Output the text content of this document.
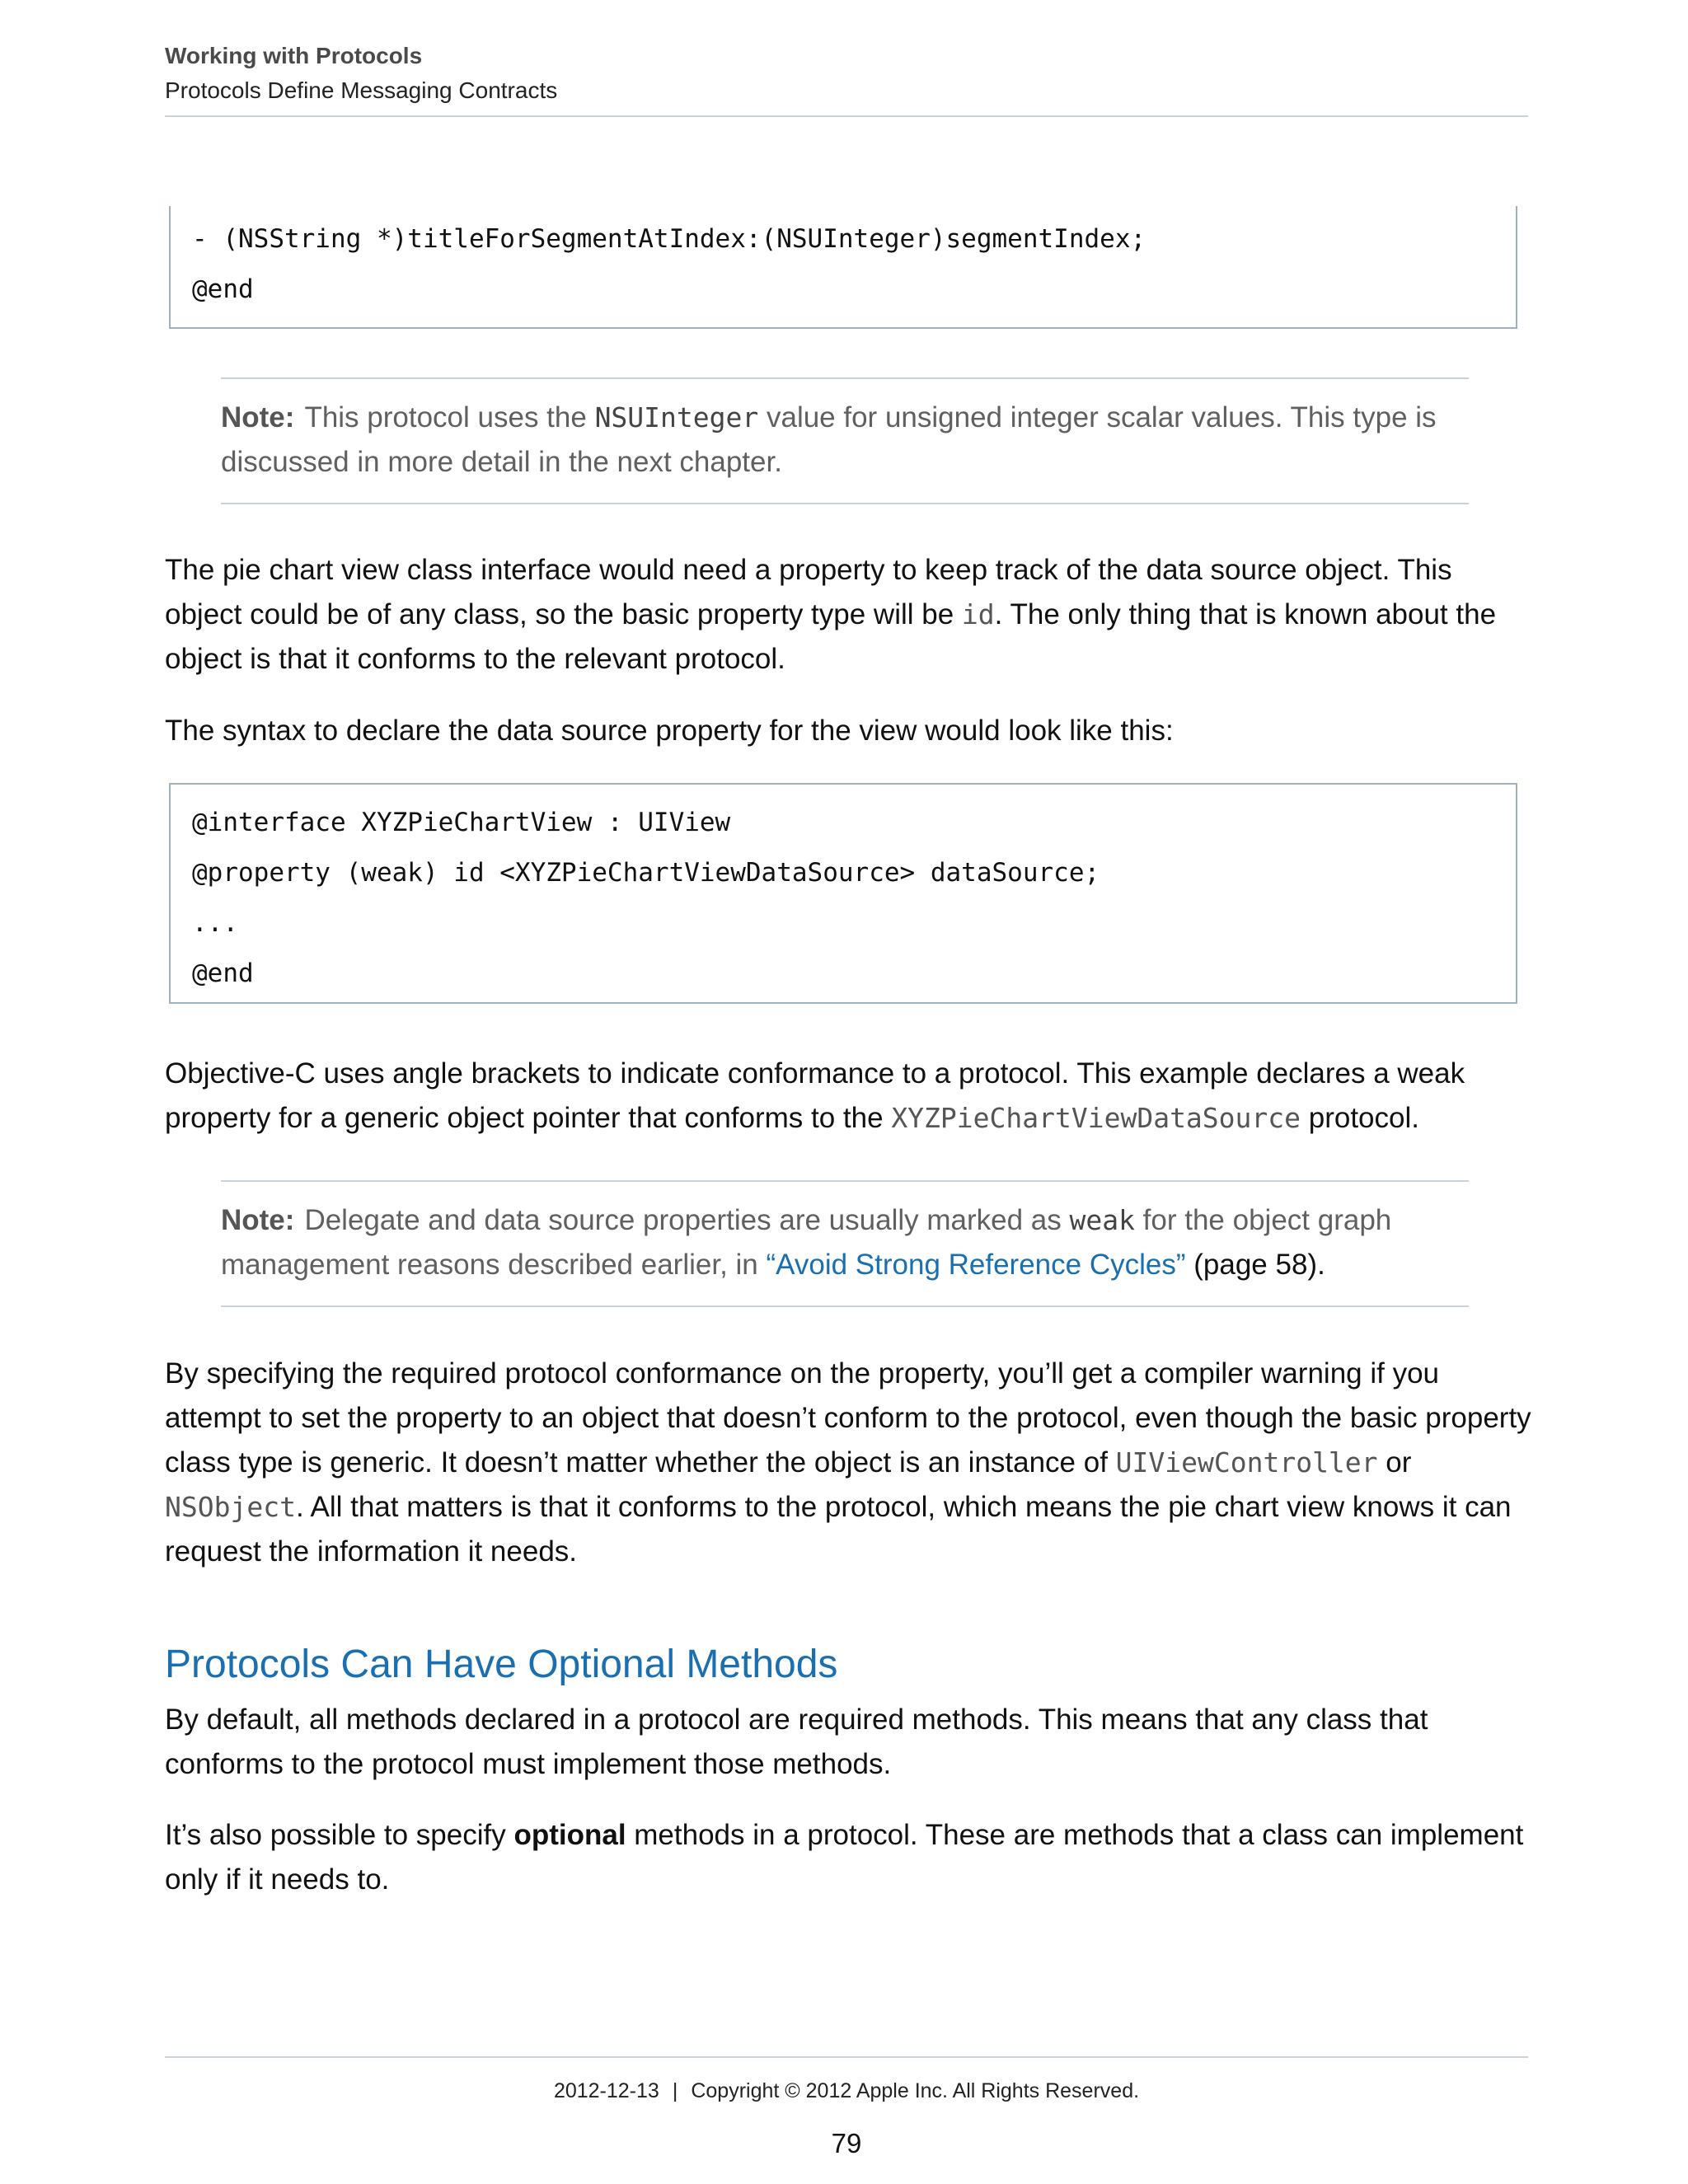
Working with Protocols
Protocols Define Messaging Contracts
- (NSString *)titleForSegmentAtIndex:(NSUInteger)segmentIndex;
@end
Note: This protocol uses the NSUInteger value for unsigned integer scalar values. This type is discussed in more detail in the next chapter.

The pie chart view class interface would need a property to keep track of the data source object. This object could be of any class, so the basic property type will be id. The only thing that is known about the object is that it conforms to the relevant protocol.

The syntax to declare the data source property for the view would look like this:

@interface XYZPieChartView : UIView
@property (weak) id <XYZPieChartViewDataSource> dataSource;
...
@end

Objective-C uses angle brackets to indicate conformance to a protocol. This example declares a weak property for a generic object pointer that conforms to the XYZPieChartViewDataSource protocol.

Note: Delegate and data source properties are usually marked as weak for the object graph management reasons described earlier, in “Avoid Strong Reference Cycles” (page 58).

By specifying the required protocol conformance on the property, you’ll get a compiler warning if you attempt to set the property to an object that doesn’t conform to the protocol, even though the basic property class type is generic. It doesn’t matter whether the object is an instance of UIViewController or NSObject. All that matters is that it conforms to the protocol, which means the pie chart view knows it can request the information it needs.

Protocols Can Have Optional Methods

By default, all methods declared in a protocol are required methods. This means that any class that conforms to the protocol must implement those methods.

It’s also possible to specify optional methods in a protocol. These are methods that a class can implement only if it needs to.

2012-12-13 | Copyright © 2012 Apple Inc. All Rights Reserved.
79
